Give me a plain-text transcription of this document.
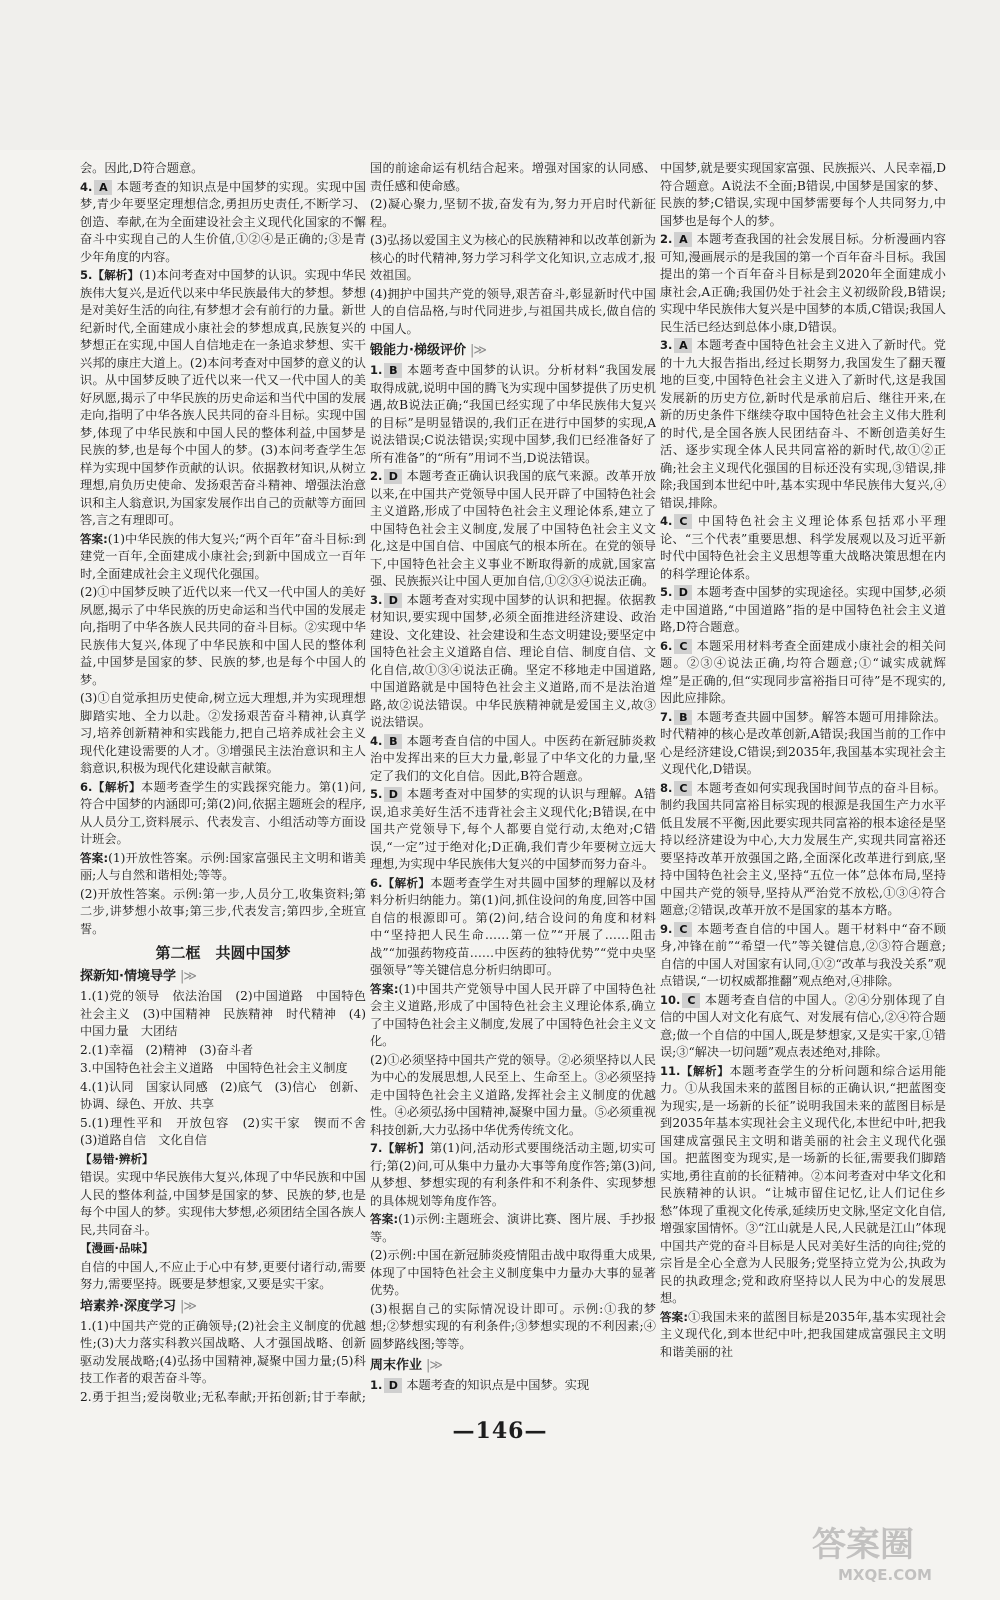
会。因此,D符合题意。
4. A 本题考查的知识点是中国梦的实现。实现中国梦,青少年要坚定理想信念,勇担历史责任,不断学习、创造、奉献,在为全面建设社会主义现代化国家的不懈奋斗中实现自己的人生价值,①②④是正确的;③是青少年角度的内容。
5.【解析】(1)本问考查对中国梦的认识。实现中华民族伟大复兴,是近代以来中华民族最伟大的梦想。梦想是对美好生活的向往,有梦想才会有前行的力量。新世纪新时代,全面建成小康社会的梦想成真,民族复兴的梦想正在实现,中国人自信地走在一条追求梦想、实干兴邦的康庄大道上。(2)本问考查对中国梦的意义的认识。从中国梦反映了近代以来一代又一代中国人的美好夙愿,揭示了中华民族的历史命运和当代中国的发展走向,指明了中华各族人民共同的奋斗目标。实现中国梦,体现了中华民族和中国人民的整体利益,中国梦是民族的梦,也是每个中国人的梦。(3)本问考查学生怎样为实现中国梦作贡献的认识。依据教材知识,从树立理想,肩负历史使命、发扬艰苦奋斗精神、增强法治意识和主人翁意识,为国家发展作出自己的贡献等方面回答,言之有理即可。
答案:(1)中华民族的伟大复兴;“两个百年”奋斗目标:到建党一百年,全面建成小康社会;到新中国成立一百年时,全面建成社会主义现代化强国。
(2)①中国梦反映了近代以来一代又一代中国人的美好夙愿,揭示了中华民族的历史命运和当代中国的发展走向,指明了中华各族人民共同的奋斗目标。②实现中华民族伟大复兴,体现了中华民族和中国人民的整体利益,中国梦是国家的梦、民族的梦,也是每个中国人的梦。
(3)①自觉承担历史使命,树立远大理想,并为实现理想脚踏实地、全力以赴。②发扬艰苦奋斗精神,认真学习,培养创新精神和实践能力,把自己培养成社会主义现代化建设需要的人才。③增强民主法治意识和主人翁意识,积极为现代化建设献言献策。
6.【解析】本题考查学生的实践探究能力。第(1)问,符合中国梦的内涵即可;第(2)问,依据主题班会的程序,从人员分工,资料展示、代表发言、小组活动等方面设计班会。
答案:(1)开放性答案。示例:国家富强民主文明和谐美丽;人与自然和谐相处;等等。
(2)开放性答案。示例:第一步,人员分工,收集资料;第二步,讲梦想小故事;第三步,代表发言;第四步,全班宣誓。
第二框　共圆中国梦
探新知·情境导学 |≫
1.(1)党的领导　依法治国　(2)中国道路　中国特色社会主义　(3)中国精神　民族精神　时代精神　(4)中国力量　大团结
2.(1)幸福　(2)精神　(3)奋斗者
3.中国特色社会主义道路　中国特色社会主义制度
4.(1)认同　国家认同感　(2)底气　(3)信心　创新、协调、绿色、开放、共享
5.(1)理性平和　开放包容　(2)实干家　锲而不舍　(3)道路自信　文化自信
【易错·辨析】
错误。实现中华民族伟大复兴,体现了中华民族和中国人民的整体利益,中国梦是国家的梦、民族的梦,也是每个中国人的梦。实现伟大梦想,必须团结全国各族人民,共同奋斗。
【漫画·品味】
自信的中国人,不应止于心中有梦,更要付诸行动,需要努力,需要坚持。既要是梦想家,又要是实干家。
培素养·深度学习 |≫
1.(1)中国共产党的正确领导;(2)社会主义制度的优越性;(3)大力落实科教兴国战略、人才强国战略、创新驱动发展战略;(4)弘扬中国精神,凝聚中国力量;(5)科技工作者的艰苦奋斗等。
2.勇于担当;爱岗敬业;无私奉献;开拓创新;甘于奉献;
国的前途命运有机结合起来。增强对国家的认同感、责任感和使命感。
(2)凝心聚力,坚韧不拔,奋发有为,努力开启时代新征程。
(3)弘扬以爱国主义为核心的民族精神和以改革创新为核心的时代精神,努力学习科学文化知识,立志成才,报效祖国。
(4)拥护中国共产党的领导,艰苦奋斗,彰显新时代中国人的自信品格,与时代同进步,与祖国共成长,做自信的中国人。
锻能力·梯级评价 |≫
1. B 本题考查中国梦的认识。分析材料“我国发展取得成就,说明中国的腾飞为实现中国梦提供了历史机遇,故B说法正确;“我国已经实现了中华民族伟大复兴的目标”是明显错误的,我们正在进行中国梦的实现,A说法错误;C说法错误;实现中国梦,我们已经准备好了所有准备”的“所有”用词不当,D说法错误。
2. D 本题考查正确认识我国的底气来源。改革开放以来,在中国共产党领导中国人民开辟了中国特色社会主义道路,形成了中国特色社会主义理论体系,建立了中国特色社会主义制度,发展了中国特色社会主义文化,这是中国自信、中国底气的根本所在。在党的领导下,中国特色社会主义事业不断取得新的成就,国家富强、民族振兴让中国人更加自信,①②③④说法正确。
3. D 本题考查对实现中国梦的认识和把握。依据教材知识,要实现中国梦,必须全面推进经济建设、政治建设、文化建设、社会建设和生态文明建设;要坚定中国特色社会主义道路自信、理论自信、制度自信、文化自信,故①③④说法正确。坚定不移地走中国道路,中国道路就是中国特色社会主义道路,而不是法治道路,故②说法错误。中华民族精神就是爱国主义,故③说法错误。
4. B 本题考查自信的中国人。中医药在新冠肺炎救治中发挥出来的巨大力量,彰显了中华文化的力量,坚定了我们的文化自信。因此,B符合题意。
5. D 本题考查对中国梦的实现的认识与理解。A错误,追求美好生活不违背社会主义现代化;B错误,在中国共产党领导下,每个人都要自觉行动,太绝对;C错误,“一定”过于绝对化;D正确,我们青少年要树立远大理想,为实现中华民族伟大复兴的中国梦而努力奋斗。
6.【解析】本题考查学生对共圆中国梦的理解以及材料分析归纳能力。第(1)问,抓住设问的角度,回答中国自信的根源即可。第(2)问,结合设问的角度和材料中“坚持把人民生命……第一位”“开展了……阻击战”“加强药物疫苗……中医药的独特优势”“党中央坚强领导”等关键信息分析归纳即可。
答案:(1)中国共产党领导中国人民开辟了中国特色社会主义道路,形成了中国特色社会主义理论体系,确立了中国特色社会主义制度,发展了中国特色社会主义文化。
(2)①必须坚持中国共产党的领导。②必须坚持以人民为中心的发展思想,人民至上、生命至上。③必须坚持走中国特色社会主义道路,发挥社会主义制度的优越性。④必须弘扬中国精神,凝聚中国力量。⑤必须重视科技创新,大力弘扬中华优秀传统文化。
7.【解析】第(1)问,活动形式要围绕活动主题,切实可行;第(2)问,可从集中力量办大事等角度作答;第(3)问,从梦想、梦想实现的有利条件和不利条件、实现梦想的具体规划等角度作答。
答案:(1)示例:主题班会、演讲比赛、图片展、手抄报等。
(2)示例:中国在新冠肺炎疫情阻击战中取得重大成果,体现了中国特色社会主义制度集中力量办大事的显著优势。
(3)根据自己的实际情况设计即可。示例:①我的梦想;②梦想实现的有利条件;③梦想实现的不利因素;④圆梦路线图;等等。
周末作业 |≫
1. D 本题考查的知识点是中国梦。实现
中国梦,就是要实现国家富强、民族振兴、人民幸福,D符合题意。A说法不全面;B错误,中国梦是国家的梦、民族的梦;C错误,实现中国梦需要每个人共同努力,中国梦也是每个人的梦。
2. A 本题考查我国的社会发展目标。分析漫画内容可知,漫画展示的是我国的第一个百年奋斗目标。我国提出的第一个百年奋斗目标是到2020年全面建成小康社会,A正确;我国仍处于社会主义初级阶段,B错误;实现中华民族伟大复兴是中国梦的本质,C错误;我国人民生活已经达到总体小康,D错误。
3. A 本题考查中国特色社会主义进入了新时代。党的十九大报告指出,经过长期努力,我国发生了翻天覆地的巨变,中国特色社会主义进入了新时代,这是我国发展新的历史方位,新时代是承前启后、继往开来,在新的历史条件下继续夺取中国特色社会主义伟大胜利的时代,是全国各族人民团结奋斗、不断创造美好生活、逐步实现全体人民共同富裕的新时代,故①②正确;社会主义现代化强国的目标还没有实现,③错误,排除;我国到本世纪中叶,基本实现中华民族伟大复兴,④错误,排除。
4. C 中国特色社会主义理论体系包括邓小平理论、“三个代表”重要思想、科学发展观以及习近平新时代中国特色社会主义思想等重大战略决策思想在内的科学理论体系。
5. D 本题考查中国梦的实现途径。实现中国梦,必须走中国道路,“中国道路”指的是中国特色社会主义道路,D符合题意。
6. C 本题采用材料考查全面建成小康社会的相关问题。②③④说法正确,均符合题意;①“诚实成就辉煌”是正确的,但“实现同步富裕指日可待”是不现实的,因此应排除。
7. B 本题考查共圆中国梦。解答本题可用排除法。时代精神的核心是改革创新,A错误;我国当前的工作中心是经济建设,C错误;到2035年,我国基本实现社会主义现代化,D错误。
8. C 本题考查如何实现我国时间节点的奋斗目标。制约我国共同富裕目标实现的根源是我国生产力水平低且发展不平衡,因此要实现共同富裕的根本途径是坚持以经济建设为中心,大力发展生产,实现共同富裕还要坚持改革开放强国之路,全面深化改革进行到底,坚持中国特色社会主义,坚持“五位一体”总体布局,坚持中国共产党的领导,坚持从严治党不放松,①③④符合题意;②错误,改革开放不是国家的基本方略。
9. C 本题考查自信的中国人。题干材料中“奋不顾身,冲锋在前”“希望一代”等关键信息,②③符合题意;自信的中国人对国家有认同,①②“改革与我没关系”观点错误,“一切权威都推翻”观点绝对,④排除。
10. C 本题考查自信的中国人。②④分别体现了自信的中国人对文化有底气、对发展有信心,②④符合题意;做一个自信的中国人,既是梦想家,又是实干家,①错误;③“解决一切问题”观点表述绝对,排除。
11.【解析】本题考查学生的分析问题和综合运用能力。①从我国未来的蓝图目标的正确认识,“把蓝图变为现实,是一场新的长征”说明我国未来的蓝图目标是到2035年基本实现社会主义现代化,本世纪中叶,把我国建成富强民主文明和谐美丽的社会主义现代化强国。把蓝图变为现实,是一场新的长征,需要我们脚踏实地,勇往直前的长征精神。②本问考查对中华文化和民族精神的认识。“让城市留住记忆,让人们记住乡愁”体现了重视文化传承,延续历史文脉,坚定文化自信,增强家国情怀。③“江山就是人民,人民就是江山”体现中国共产党的奋斗目标是人民对美好生活的向往;党的宗旨是全心全意为人民服务;党坚持立党为公,执政为民的执政理念;党和政府坚持以人民为中心的发展思想。
答案:①我国未来的蓝图目标是2035年,基本实现社会主义现代化,到本世纪中叶,把我国建成富强民主文明和谐美丽的社
—146—
答案圈
MXQE.COM
